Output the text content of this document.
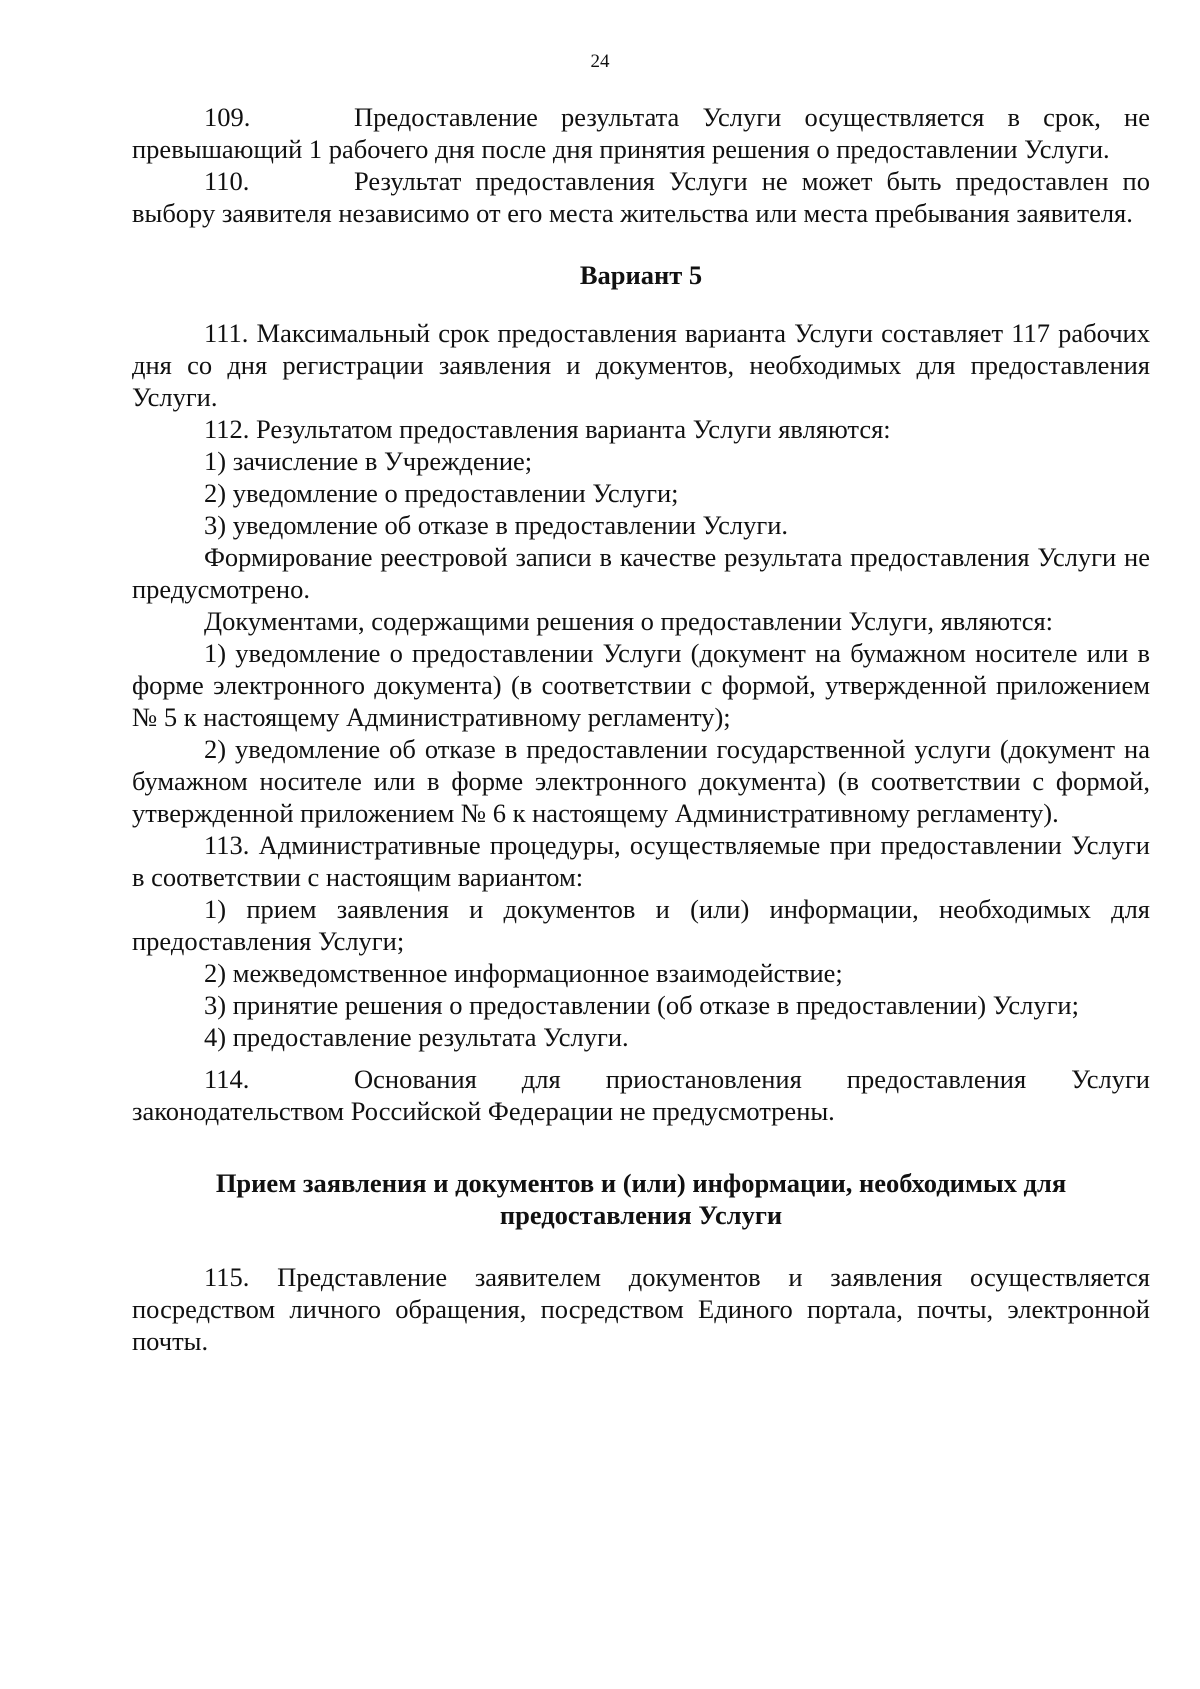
24

109.	Предоставление результата Услуги осуществляется в срок, не превышающий 1 рабочего дня после дня принятия решения о предоставлении Услуги.

110.	Результат предоставления Услуги не может быть предоставлен по выбору заявителя независимо от его места жительства или места пребывания заявителя.

Вариант 5

111. Максимальный срок предоставления варианта Услуги составляет 117 рабочих дня со дня регистрации заявления и документов, необходимых для предоставления Услуги.

112. Результатом предоставления варианта Услуги являются:

1) зачисление в Учреждение;

2) уведомление о предоставлении Услуги;

3) уведомление об отказе в предоставлении Услуги.

Формирование реестровой записи в качестве результата предоставления Услуги не предусмотрено.

Документами, содержащими решения о предоставлении Услуги, являются:

1) уведомление о предоставлении Услуги (документ на бумажном носителе или в форме электронного документа) (в соответствии с формой, утвержденной приложением № 5 к настоящему Административному регламенту);

2) уведомление об отказе в предоставлении государственной услуги (документ на бумажном носителе или в форме электронного документа) (в соответствии с формой, утвержденной приложением № 6 к настоящему Административному регламенту).

113. Административные процедуры, осуществляемые при предоставлении Услуги в соответствии с настоящим вариантом:

1) прием заявления и документов и (или) информации, необходимых для предоставления Услуги;

2) межведомственное информационное взаимодействие;

3) принятие решения о предоставлении (об отказе в предоставлении) Услуги;

4) предоставление результата Услуги.

114.	Основания для приостановления предоставления Услуги законодательством Российской Федерации не предусмотрены.

Прием заявления и документов и (или) информации, необходимых для

предоставления Услуги

115. Представление заявителем документов и заявления осуществляется посредством личного обращения, посредством Единого портала, почты, электронной почты.
